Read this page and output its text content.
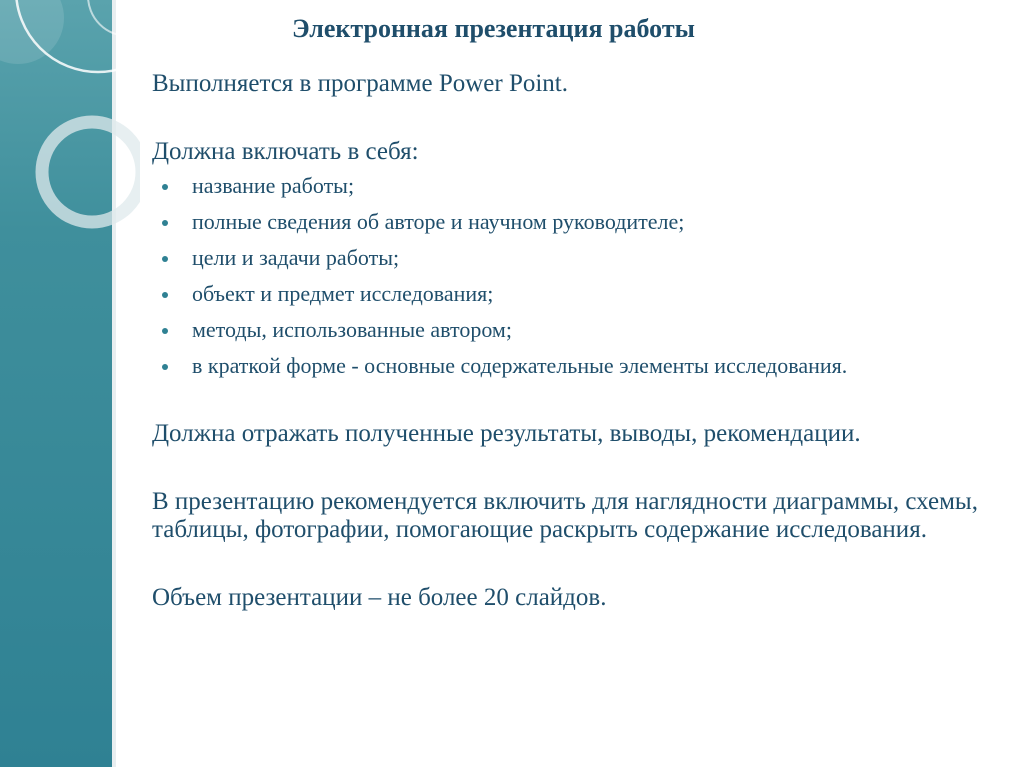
Электронная презентация работы

Выполняется в программе Power Point.

Должна включать в себя:

название работы;
полные сведения об авторе и научном руководителе;
цели и задачи работы;
объект и предмет исследования;
методы, использованные автором;
в краткой форме - основные содержательные элементы исследования.

Должна отражать полученные результаты, выводы, рекомендации.

В презентацию рекомендуется включить для наглядности диаграммы, схемы, таблицы, фотографии, помогающие раскрыть содержание исследования.

Объем презентации – не более 20 слайдов.
